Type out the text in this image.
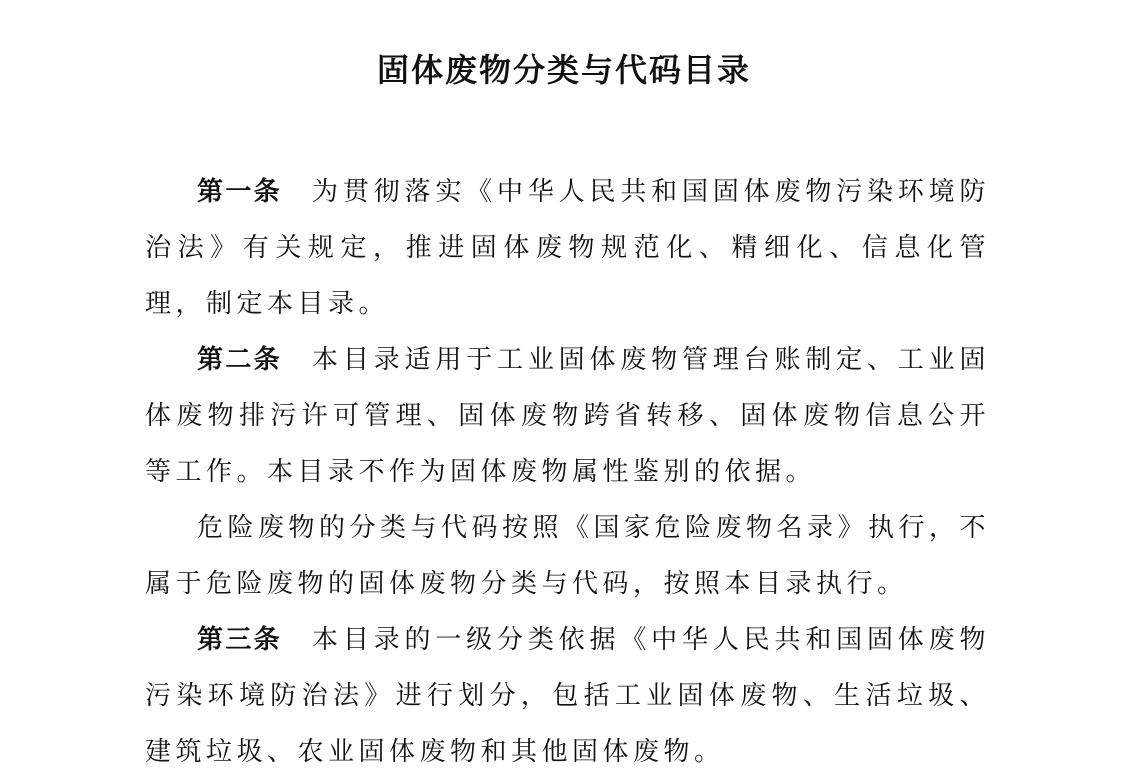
固体废物分类与代码目录

第一条 为贯彻落实《中华人民共和国固体废物污染环境防治法》有关规定，推进固体废物规范化、精细化、信息化管理，制定本目录。

第二条 本目录适用于工业固体废物管理台账制定、工业固体废物排污许可管理、固体废物跨省转移、固体废物信息公开等工作。本目录不作为固体废物属性鉴别的依据。

危险废物的分类与代码按照《国家危险废物名录》执行，不属于危险废物的固体废物分类与代码，按照本目录执行。

第三条 本目录的一级分类依据《中华人民共和国固体废物污染环境防治法》进行划分，包括工业固体废物、生活垃圾、建筑垃圾、农业固体废物和其他固体废物。
